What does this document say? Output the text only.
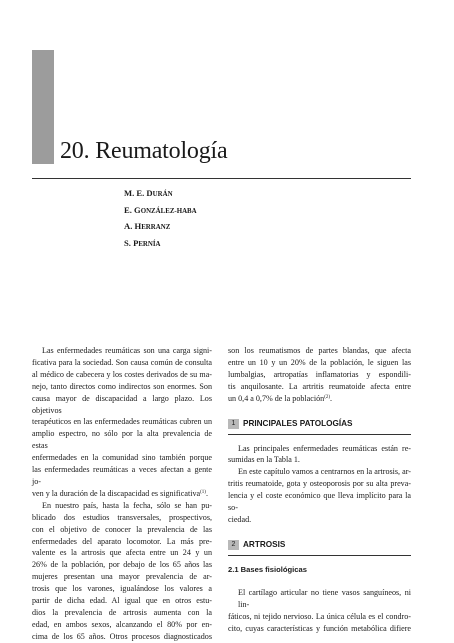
20. Reumatología
M. E. DURÁN
E. GONZÁLEZ-HABA
A. HERRANZ
S. PERNÍA

Las enfermedades reumáticas son una carga signi-
ficativa para la sociedad. Son causa común de consulta
al médico de cabecera y los costes derivados de su ma-
nejo, tanto directos como indirectos son enormes. Son
causa mayor de discapacidad a largo plazo. Los objetivos
terapéuticos en las enfermedades reumáticas cubren un
amplio espectro, no sólo por la alta prevalencia de estas
enfermedades en la comunidad sino también porque
las enfermedades reumáticas a veces afectan a gente jo-
ven y la duración de la discapacidad es significativa$^{(1)}$.

En nuestro país, hasta la fecha, sólo se han pu-
blicado dos estudios transversales, prospectivos,
con el objetivo de conocer la prevalencia de las
enfermedades del aparato locomotor. La más pre-
valente es la artrosis que afecta entre un 24 y un
26% de la población, por debajo de los 65 años las
mujeres presentan una mayor prevalencia de ar-
trosis que los varones, igualándose los valores a
partir de dicha edad. Al igual que en otros estu-
dios la prevalencia de artrosis aumenta con la
edad, en ambos sexos, alcanzando el 80% por en-
cima de los 65 años. Otros procesos diagnosticados

son los reumatismos de partes blandas, que afecta
entre un 10 y un 20% de la población, le siguen las
lumbalgias, artropatías inflamatorias y espondili-
tis anquilosante. La artritis reumatoide afecta entre
un 0,4 a 0,7% de la población$^{(2)}$.

1 PRINCIPALES PATOLOGÍAS

Las principales enfermedades reumáticas están re-
sumidas en la Tabla 1.

En este capítulo vamos a centrarnos en la artrosis, ar-
tritis reumatoide, gota y osteoporosis por su alta preva-
lencia y el coste económico que lleva implícito para la so-
ciedad.

2 ARTROSIS
2.1 Bases fisiológicas

El cartílago articular no tiene vasos sanguíneos, ni lin-
fáticos, ni tejido nervioso. La única célula es el condro-
cito, cuyas características y función metabólica difiere
